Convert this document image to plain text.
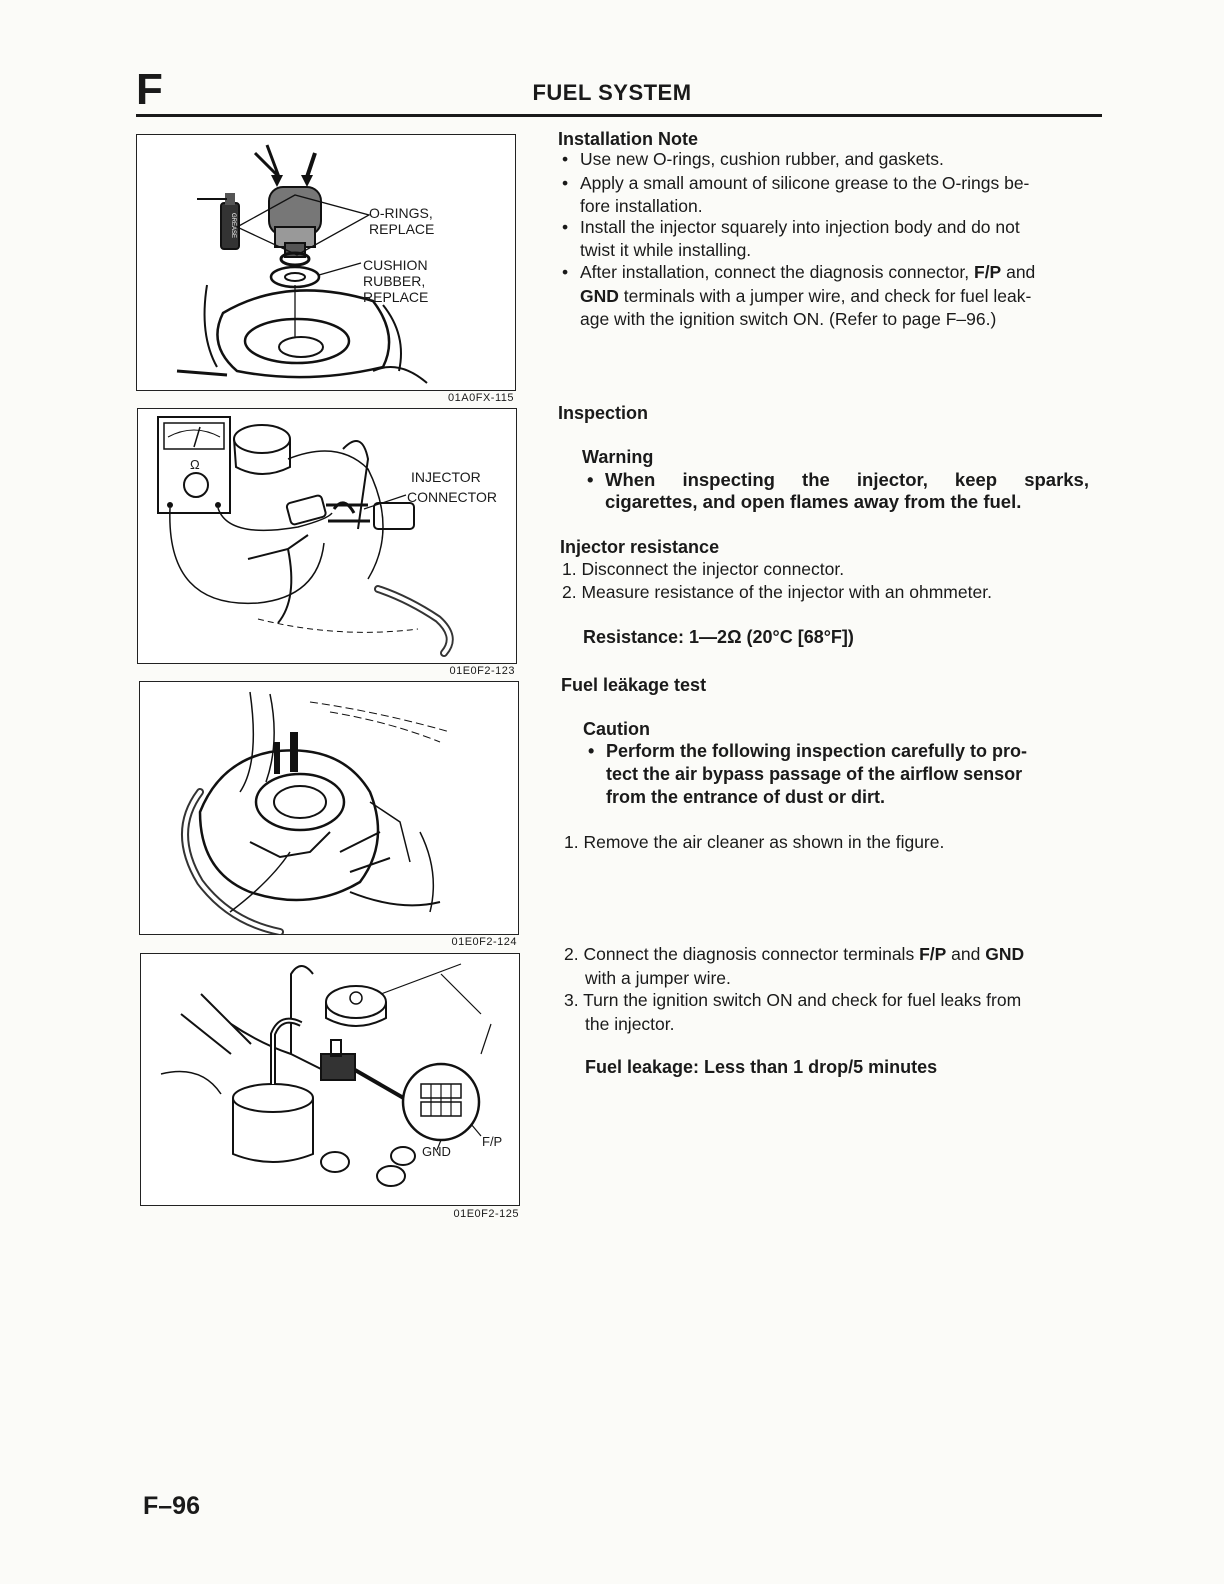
F	FUEL SYSTEM
O-RINGS,
REPLACE
CUSHION
RUBBER,
REPLACE
GREASE
01A0FX-115
INJECTOR
CONNECTOR
Ω
01E0F2-123
01E0F2-124
GND
F/P
01E0F2-125
Installation Note
• Use new O-rings, cushion rubber, and gaskets.
• Apply a small amount of silicone grease to the O-rings be-
fore installation.
• Install the injector squarely into injection body and do not
twist it while installing.
• After installation, connect the diagnosis connector, F/P and
GND terminals with a jumper wire, and check for fuel leak-
age with the ignition switch ON. (Refer to page F–96.)
Inspection
Warning
• When inspecting the injector, keep sparks,
cigarettes, and open flames away from the fuel.
Injector resistance
1. Disconnect the injector connector.
2. Measure resistance of the injector with an ohmmeter.
Resistance: 1—2Ω (20°C [68°F])
Fuel leäkage test
Caution
• Perform the following inspection carefully to pro-
tect the air bypass passage of the airflow sensor
from the entrance of dust or dirt.
1. Remove the air cleaner as shown in the figure.
2. Connect the diagnosis connector terminals F/P and GND
with a jumper wire.
3. Turn the ignition switch ON and check for fuel leaks from
the injector.
Fuel leakage: Less than 1 drop/5 minutes
F–96
